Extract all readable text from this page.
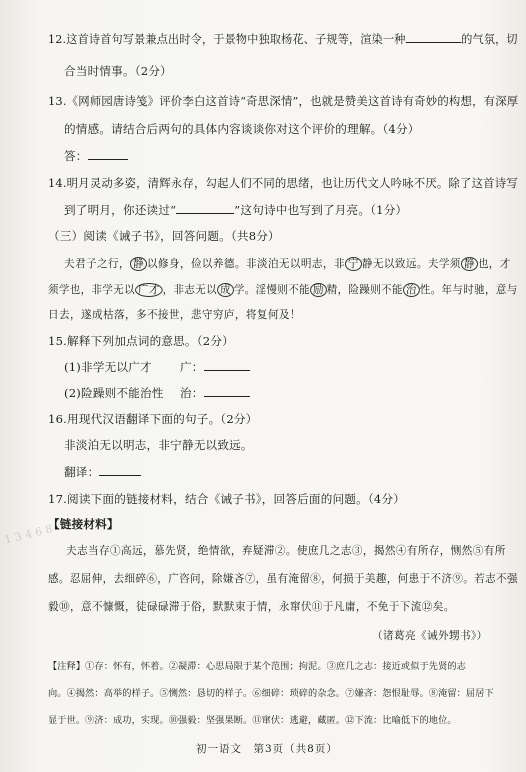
1 3 4 6 8
12.这首诗首句写景兼点出时令，于景物中独取杨花、子规等，渲染一种	的气氛，切
合当时情事。（2分）
13.《网师园唐诗笺》评价李白这首诗“奇思深情”，也就是赞美这首诗有奇妙的构想，有深厚
的情感。请结合后两句的具体内容谈谈你对这个评价的理解。（4分）
答：
14.明月灵动多姿，清辉永存，勾起人们不同的思绪，也让历代文人吟咏不厌。除了这首诗写
到了明月，你还读过“	”这句诗中也写到了月亮。（1分）
（三）阅读《诫子书》，回答问题。（共8分）
夫君子之行， 静 以修身，俭以养德。非淡泊无以明志，非 宁 静无以致远。夫学须 静 也，才
须学也，非学无以 广才 ，非志无以 成 学。淫慢则不能 励 精，险躁则不能 治 性。年与时驰，意与
日去，遂成枯落，多不接世，悲守穷庐，将复何及！
15.解释下列加点词的意思。（2分）
(1)非学无以广才 广：
(2)险躁则不能治性 治：
16.用现代汉语翻译下面的句子。（2分）
非淡泊无以明志，非宁静无以致远。
翻译：
17.阅读下面的链接材料，结合《诫子书》，回答后面的问题。（4分）
【链接材料】
夫志当存①高远，慕先贤，绝情欲，弃疑滞②。使庶几之志③，揭然④有所存，恻然⑤有所
感。忍屈伸，去细碎⑥，广咨问，除嫌吝⑦，虽有淹留⑧，何损于美趣，何患于不济⑨。若志不强
毅⑩，意不慷慨，徒碌碌滞于俗，默默束于情，永窜伏⑪于凡庸，不免于下流⑫矣。
（诸葛亮《诫外甥书》）
【注释】①存：怀有，怀着。②凝滞：心思局限于某个范围；拘泥。③庶几之志：接近或似于先贤的志
向。④揭然：高举的样子。⑤恻然：恳切的样子。⑥细碎：琐碎的杂念。⑦嫌吝：怨恨耻辱。⑧淹留：屈居下
显于世。⑨济：成功，实现。⑩强毅：坚强果断。⑪窜伏：逃避，藏匿。⑫下流：比喻低下的地位。
初一语文　第3页（共8页）
